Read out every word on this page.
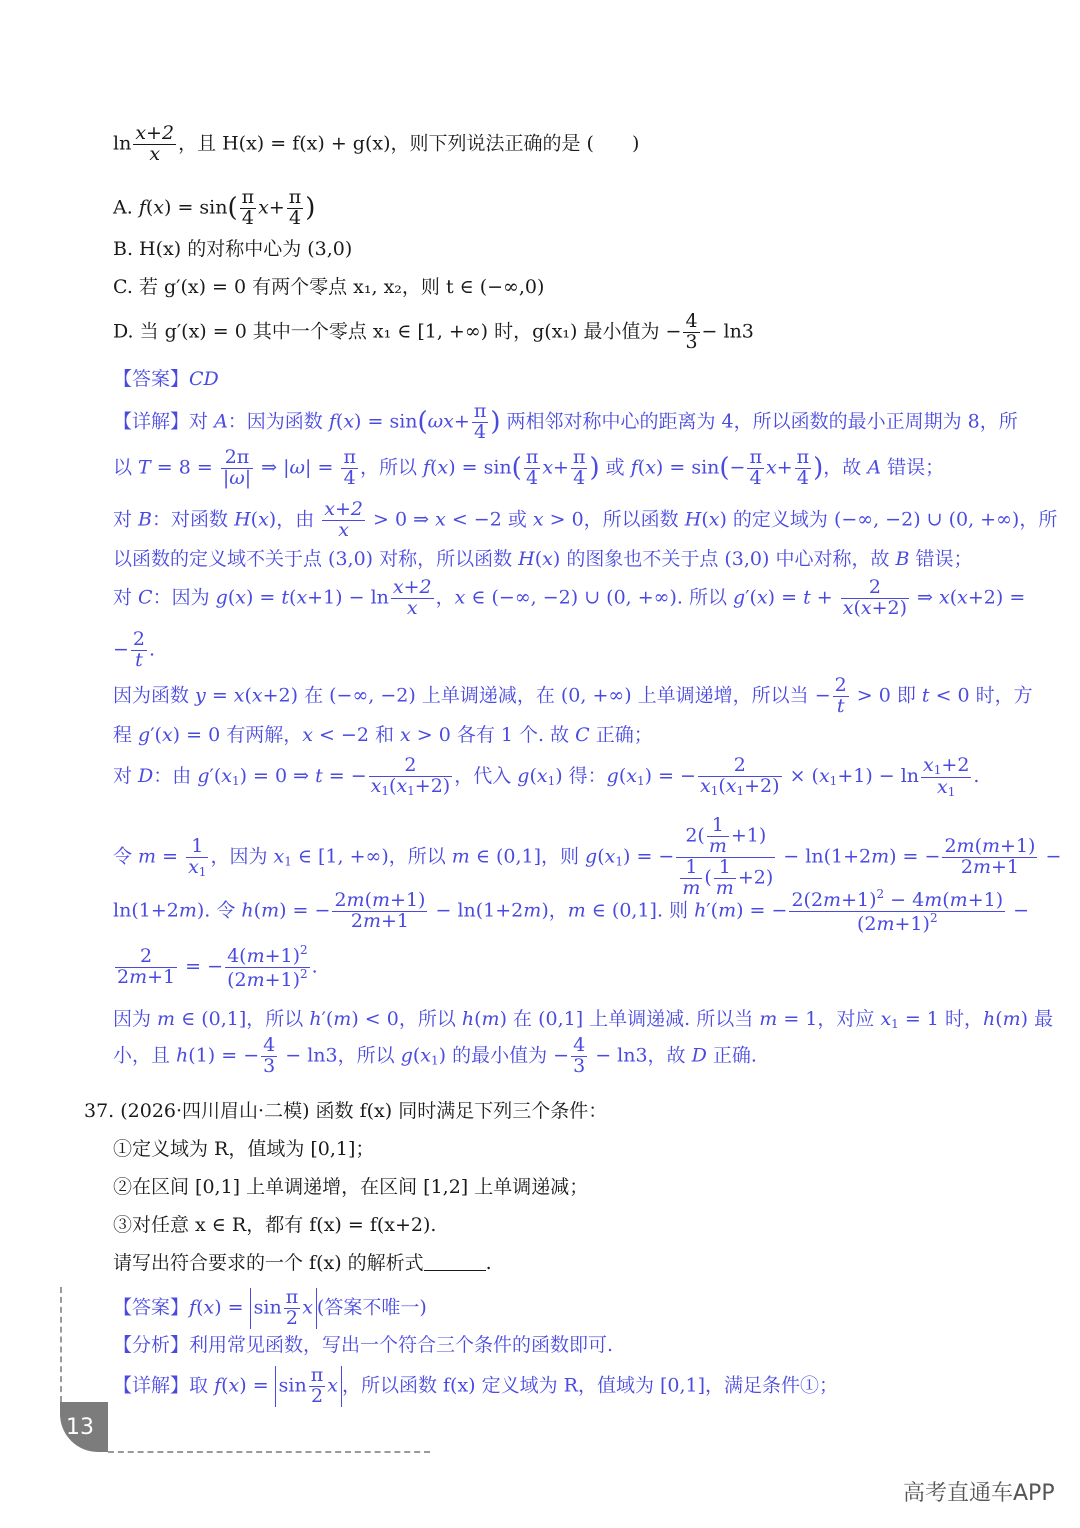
$\ln \frac{x+2}{x}$ ，且 H(x) = f(x) + g(x)，则下列说法正确的是 (　　)
A. $f(x) = \sin( \frac{\pi}{4} x+ \frac{\pi}{4}$ )
B. H(x) 的对称中心为 (3,0)
C. 若 g′(x) = 0 有两个零点 x₁, x₂，则 t ∈ (−∞,0)
D. 当 g′(x) = 0 其中一个零点 x₁ ∈ [1, +∞) 时，g(x₁) 最小值为 − $\frac{4}{3} - \ln 3$
【答案】CD
【详解】对 A：因为函数 $f(x) = \sin(\omega x+ \frac{\pi}{4}$ ) 两相邻对称中心的距离为 4，所以函数的最小正周期为 8，所
以 $T = 8 = \frac{2\pi}{|\omega|}$ ⇒ $|\omega| = \frac{\pi}{4}$ ，所以 $f(x) = \sin( \frac{\pi}{4} x+ \frac{\pi}{4}$ ) 或 $f(x) = \sin(- \frac{\pi}{4} x+ \frac{\pi}{4}$ )，故 A 错误；
对 B：对函数 H(x)，由 $\frac{x+2}{x} > 0$ ⇒ x < −2 或 x > 0，所以函数 H(x) 的定义域为 (−∞, −2) ∪ (0, +∞)，所
以函数的定义域不关于点 (3,0) 对称，所以函数 H(x) 的图象也不关于点 (3,0) 中心对称，故 B 错误；
对 C：因为 $g(x) = t(x+1) - \ln \frac{x+2}{x}$ ，x ∈ (−∞, −2) ∪ (0, +∞). 所以 $g'(x) = t + \frac{2}{x(x+2)}$ ⇒ x(x+2) =
− $\frac{2}{t}$ .
因为函数 y = x(x+2) 在 (−∞, −2) 上单调递减，在 (0, +∞) 上单调递增，所以当 − $\frac{2}{t} > 0$ 即 t < 0 时，方
程 g′(x) = 0 有两解，x < −2 和 x > 0 各有 1 个. 故 C 正确；
对 D：由 $g'(x_1) = 0$ ⇒ t = − $\frac{2}{x_1(x_1+2)}$ ，代入 $g(x_1)$ 得：$g(x_1)$ = − $\frac{2}{x_1(x_1+2)} \times (x_1+1) - \ln \frac{x_1+2}{x_1}$ .
令 $m = \frac{1}{x_1}$ ，因为 $x_1$ ∈ [1, +∞)，所以 m ∈ (0,1]，则 $g(x_1)$ = − $\frac{2( \frac{1}{m} +1)}{\frac{1}{m} ( \frac{1}{m} +2)} - \ln(1+2m)$ = − $\frac{2m(m+1)}{2m+1}$ −
ln(1+2m). 令 h(m) = − $\frac{2m(m+1)}{2m+1} - \ln(1+2m)$，m ∈ (0,1]. 则 h′(m) = − $\frac{2(2m+1)^2 - 4m(m+1)}{(2m+1)^2}$ −
$\frac{2}{2m+1}$ = − $\frac{4(m+1)^2}{(2m+1)^2}$ .
因为 m ∈ (0,1]，所以 h′(m) < 0，所以 h(m) 在 (0,1] 上单调递减. 所以当 m = 1，对应 $x_1 = 1$ 时，h(m) 最
小，且 h(1) = − $\frac{4}{3} - \ln 3$，所以 $g(x_1)$ 的最小值为 − $\frac{4}{3} - \ln 3$，故 D 正确.
37. (2026·四川眉山·二模) 函数 f(x) 同时满足下列三个条件：
①定义域为 R，值域为 [0,1]；
②在区间 [0,1] 上单调递增，在区间 [1,2] 上单调递减；
③对任意 x ∈ R，都有 f(x) = f(x+2).
请写出符合要求的一个 f(x) 的解析式	.
【答案】$f(x) = \sin \frac{\pi}{2}$ x (答案不唯一)
【分析】利用常见函数，写出一个符合三个条件的函数即可.
【详解】取 $f(x) = \sin \frac{\pi}{2}$ x ，所以函数 f(x) 定义域为 R，值域为 [0,1]，满足条件①；
13
高考直通车APP
